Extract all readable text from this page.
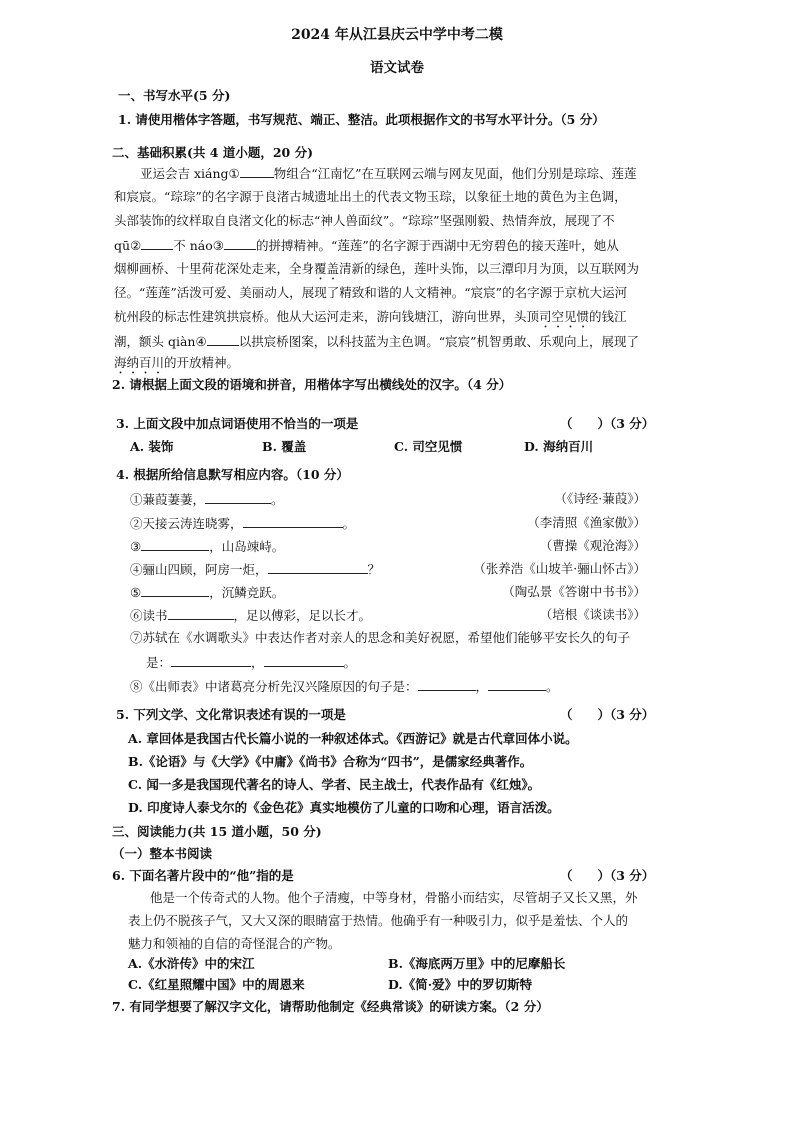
2024 年从江县庆云中学中考二模
语文试卷
一、书写水平(5 分)
1. 请使用楷体字答题，书写规范、端正、整洁。此项根据作文的书写水平计分。（5 分）
二、基础积累(共 4 道小题，20 分)
亚运会吉 xiáng①	物组合“江南忆”在互联网云端与网友见面，他们分别是琮琮、莲莲
和宸宸。“琮琮”的名字源于良渚古城遗址出土的代表文物玉琮，以象征土地的黄色为主色调，
头部装饰的纹样取自良渚文化的标志“神人兽面纹”。“琮琮”坚强刚毅、热情奔放，展现了不
qū②	不 náo③	的拼搏精神。“莲莲”的名字源于西湖中无穷碧色的接天莲叶，她从
烟柳画桥、十里荷花深处走来，全身覆盖清新的绿色，莲叶头饰，以三潭印月为顶，以互联网为
径。“莲莲”活泼可爱、美丽动人，展现了精致和谐的人文精神。“宸宸”的名字源于京杭大运河
杭州段的标志性建筑拱宸桥。他从大运河走来，游向钱塘江，游向世界，头顶司空见惯的钱江
潮，额头 qiàn④	以拱宸桥图案，以科技蓝为主色调。“宸宸”机智勇敢、乐观向上，展现了
海纳百川的开放精神。
2. 请根据上面文段的语境和拼音，用楷体字写出横线处的汉字。（4 分）
3. 上面文段中加点词语使用不恰当的一项是	（　　）（3 分）
A. 装饰	B. 覆盖	C. 司空见惯	D. 海纳百川
4. 根据所给信息默写相应内容。（10 分）
①蒹葭萋萋，	。	（《诗经·蒹葭》）
②天接云涛连晓雾，	。	（李清照《渔家傲》）
③	，山岛竦峙。	（曹操《观沧海》）
④骊山四顾，阿房一炬，	？	（张养浩《山坡羊·骊山怀古》）
⑤	，沉鳞竞跃。	（陶弘景《答谢中书书》）
⑥读书	，足以傅彩，足以长才。	（培根《谈读书》）
⑦苏轼在《水调歌头》中表达作者对亲人的思念和美好祝愿，希望他们能够平安长久的句子
是：	，	。
⑧《出师表》中诸葛亮分析先汉兴隆原因的句子是：	，	。
5. 下列文学、文化常识表述有误的一项是	（　　）（3 分）
A. 章回体是我国古代长篇小说的一种叙述体式。《西游记》就是古代章回体小说。
B.《论语》与《大学》《中庸》《尚书》合称为“四书”，是儒家经典著作。
C. 闻一多是我国现代著名的诗人、学者、民主战士，代表作品有《红烛》。
D. 印度诗人泰戈尔的《金色花》真实地模仿了儿童的口吻和心理，语言活泼。
三、阅读能力(共 15 道小题，50 分)
（一）整本书阅读
6. 下面名著片段中的“他”指的是	（　　）（3 分）
他是一个传奇式的人物。他个子清瘦，中等身材，骨骼小而结实，尽管胡子又长又黑，外
表上仍不脱孩子气，又大又深的眼睛富于热情。他确乎有一种吸引力，似乎是羞怯、个人的
魅力和领袖的自信的奇怪混合的产物。
A.《水浒传》中的宋江	B.《海底两万里》中的尼摩船长
C.《红星照耀中国》中的周恩来	D.《简·爱》中的罗切斯特
7. 有同学想要了解汉字文化，请帮助他制定《经典常谈》的研读方案。（2 分）
